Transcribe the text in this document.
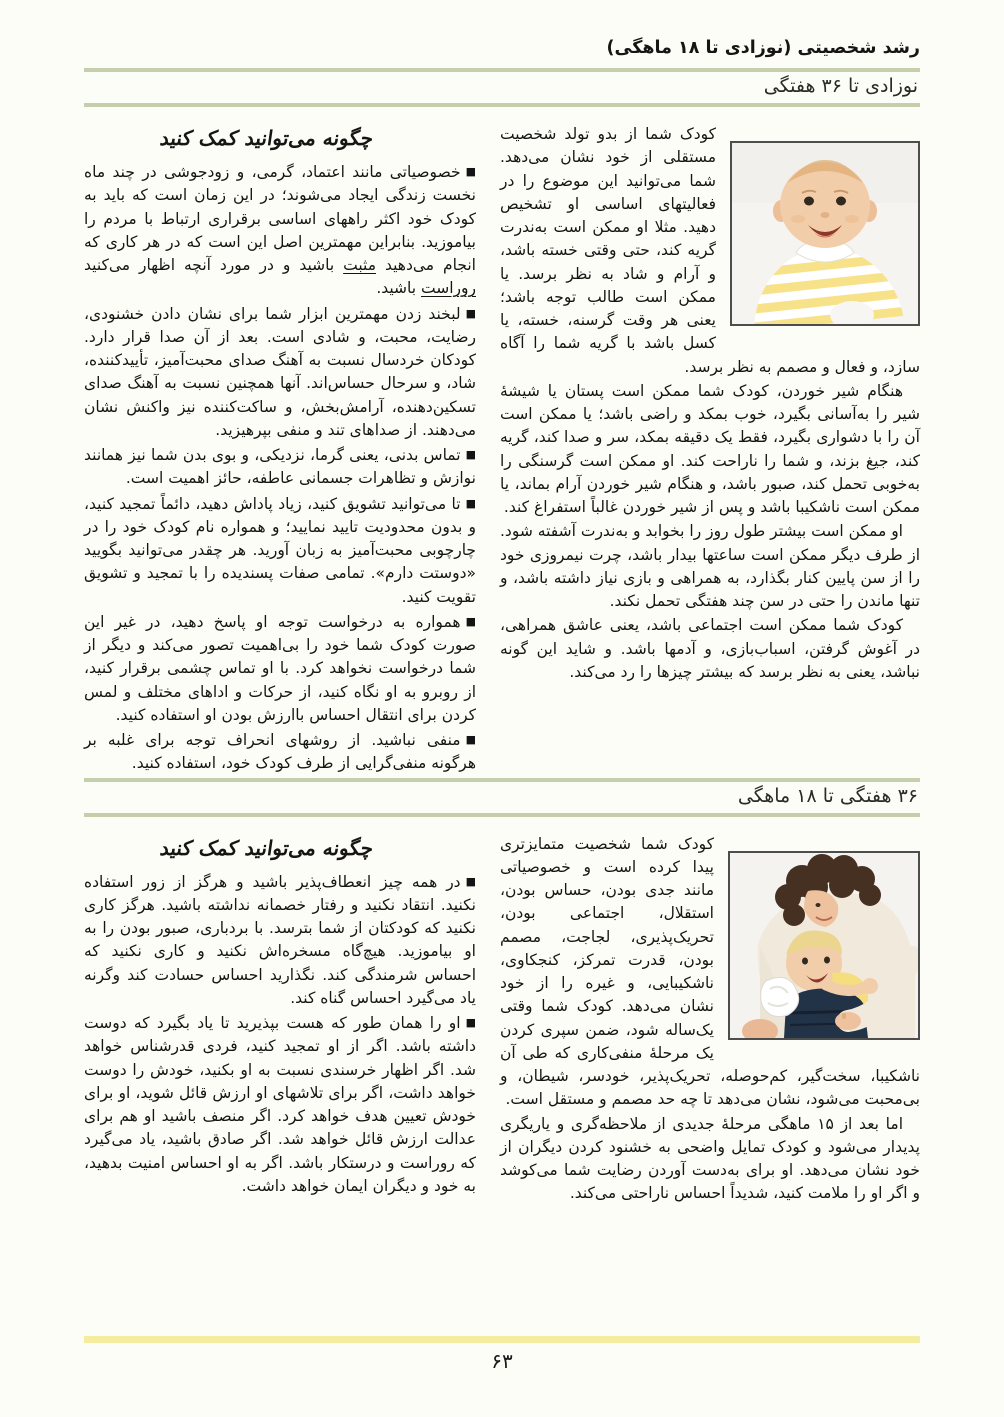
رشد شخصیتی (نوزادی تا ۱۸ ماهگی)
نوزادی تا ۳۶ هفتگی

کودک شما از بدو تولد شخصیت مستقلی از خود نشان می‌دهد. شما می‌توانید این موضوع را در فعالیتهای اساسی او تشخیص دهید. مثلا او ممکن است به‌ندرت گریه کند، حتی وقتی خسته باشد، و آرام و شاد به نظر برسد. یا ممکن است طالب توجه باشد؛ یعنی هر وقت گرسنه، خسته، یا کسل باشد با گریه شما را آگاه سازد، و فعال و مصمم به نظر برسد.

هنگام شیر خوردن، کودک شما ممکن است پستان یا شیشهٔ شیر را به‌آسانی بگیرد، خوب بمکد و راضی باشد؛ یا ممکن است آن را با دشواری بگیرد، فقط یک دقیقه بمکد، سر و صدا کند، گریه کند، جیغ بزند، و شما را ناراحت کند. او ممکن است گرسنگی را به‌خوبی تحمل کند، صبور باشد، و هنگام شیر خوردن آرام بماند، یا ممکن است ناشکیبا باشد و پس از شیر خوردن غالباً استفراغ کند.

او ممکن است بیشتر طول روز را بخوابد و به‌ندرت آشفته شود. از طرف دیگر ممکن است ساعتها بیدار باشد، چرت نیمروزی خود را از سن پایین کنار بگذارد، به همراهی و بازی نیاز داشته باشد، و تنها ماندن را حتی در سن چند هفتگی تحمل نکند.

کودک شما ممکن است اجتماعی باشد، یعنی عاشق همراهی، در آغوش گرفتن، اسباب‌بازی، و آدمها باشد. و شاید این گونه نباشد، یعنی به نظر برسد که بیشتر چیزها را رد می‌کند.

چگونه می‌توانید کمک کنید

■خصوصیاتی مانند اعتماد، گرمی، و زودجوشی در چند ماه نخست زندگی ایجاد می‌شوند؛ در این زمان است که باید به کودک خود اکثر راههای اساسی برقراری ارتباط با مردم را بیاموزید. بنابراین مهمترین اصل این است که در هر کاری که انجام می‌دهید مثبت باشید و در مورد آنچه اظهار می‌کنید روراست باشید.

■لبخند زدن مهمترین ابزار شما برای نشان دادن خشنودی، رضایت، محبت، و شادی است. بعد از آن صدا قرار دارد. کودکان خردسال نسبت به آهنگ صدای محبت‌آمیز، تأییدکننده، شاد، و سرحال حساس‌اند. آنها همچنین نسبت به آهنگ صدای تسکین‌دهنده، آرامش‌بخش، و ساکت‌کننده نیز واکنش نشان می‌دهند. از صداهای تند و منفی بپرهیزید.

■تماس بدنی، یعنی گرما، نزدیکی، و بوی بدن شما نیز همانند نوازش و تظاهرات جسمانی عاطفه، حائز اهمیت است.

■تا می‌توانید تشویق کنید، زیاد پاداش دهید، دائماً تمجید کنید، و بدون محدودیت تایید نمایید؛ و همواره نام کودک خود را در چارچوبی محبت‌آمیز به زبان آورید. هر چقدر می‌توانید بگویید «دوستت دارم». تمامی صفات پسندیده را با تمجید و تشویق تقویت کنید.

■همواره به درخواست توجه او پاسخ دهید، در غیر این صورت کودک شما خود را بی‌اهمیت تصور می‌کند و دیگر از شما درخواست نخواهد کرد. با او تماس چشمی برقرار کنید، از روبرو به او نگاه کنید، از حرکات و اداهای مختلف و لمس کردن برای انتقال احساس باارزش بودن او استفاده کنید.

■منفی نباشید. از روشهای انحراف توجه برای غلبه بر هرگونه منفی‌گرایی از طرف کودک خود، استفاده کنید.

۳۶ هفتگی تا ۱۸ ماهگی

کودک شما شخصیت متمایزتری پیدا کرده است و خصوصیاتی مانند جدی بودن، حساس بودن، استقلال، اجتماعی بودن، تحریک‌پذیری، لجاجت، مصمم بودن، قدرت تمرکز، کنجکاوی، ناشکیبایی، و غیره را از خود نشان می‌دهد. کودک شما وقتی یک‌ساله شود، ضمن سپری کردن یک مرحلهٔ منفی‌کاری که طی آن ناشکیبا، سخت‌گیر، کم‌حوصله، تحریک‌پذیر، خودسر، شیطان، و بی‌محبت می‌شود، نشان می‌دهد تا چه حد مصمم و مستقل است.

اما بعد از ۱۵ ماهگی مرحلهٔ جدیدی از ملاحظه‌گری و یاریگری پدیدار می‌شود و کودک تمایل واضحی به خشنود کردن دیگران از خود نشان می‌دهد. او برای به‌دست آوردن رضایت شما می‌کوشد و اگر او را ملامت کنید، شدیداً احساس ناراحتی می‌کند.

چگونه می‌توانید کمک کنید

■در همه چیز انعطاف‌پذیر باشید و هرگز از زور استفاده نکنید. انتقاد نکنید و رفتار خصمانه نداشته باشید. هرگز کاری نکنید که کودکتان از شما بترسد. با بردباری، صبور بودن را به او بیاموزید. هیچ‌گاه مسخره‌اش نکنید و کاری نکنید که احساس شرمندگی کند. نگذارید احساس حسادت کند وگرنه یاد می‌گیرد احساس گناه کند.

■او را همان طور که هست بپذیرید تا یاد بگیرد که دوست داشته باشد. اگر از او تمجید کنید، فردی قدرشناس خواهد شد. اگر اظهار خرسندی نسبت به او بکنید، خودش را دوست خواهد داشت، اگر برای تلاشهای او ارزش قائل شوید، او برای خودش تعیین هدف خواهد کرد. اگر منصف باشید او هم برای عدالت ارزش قائل خواهد شد. اگر صادق باشید، یاد می‌گیرد که روراست و درستکار باشد. اگر به او احساس امنیت بدهید، به خود و دیگران ایمان خواهد داشت.

۶۳
